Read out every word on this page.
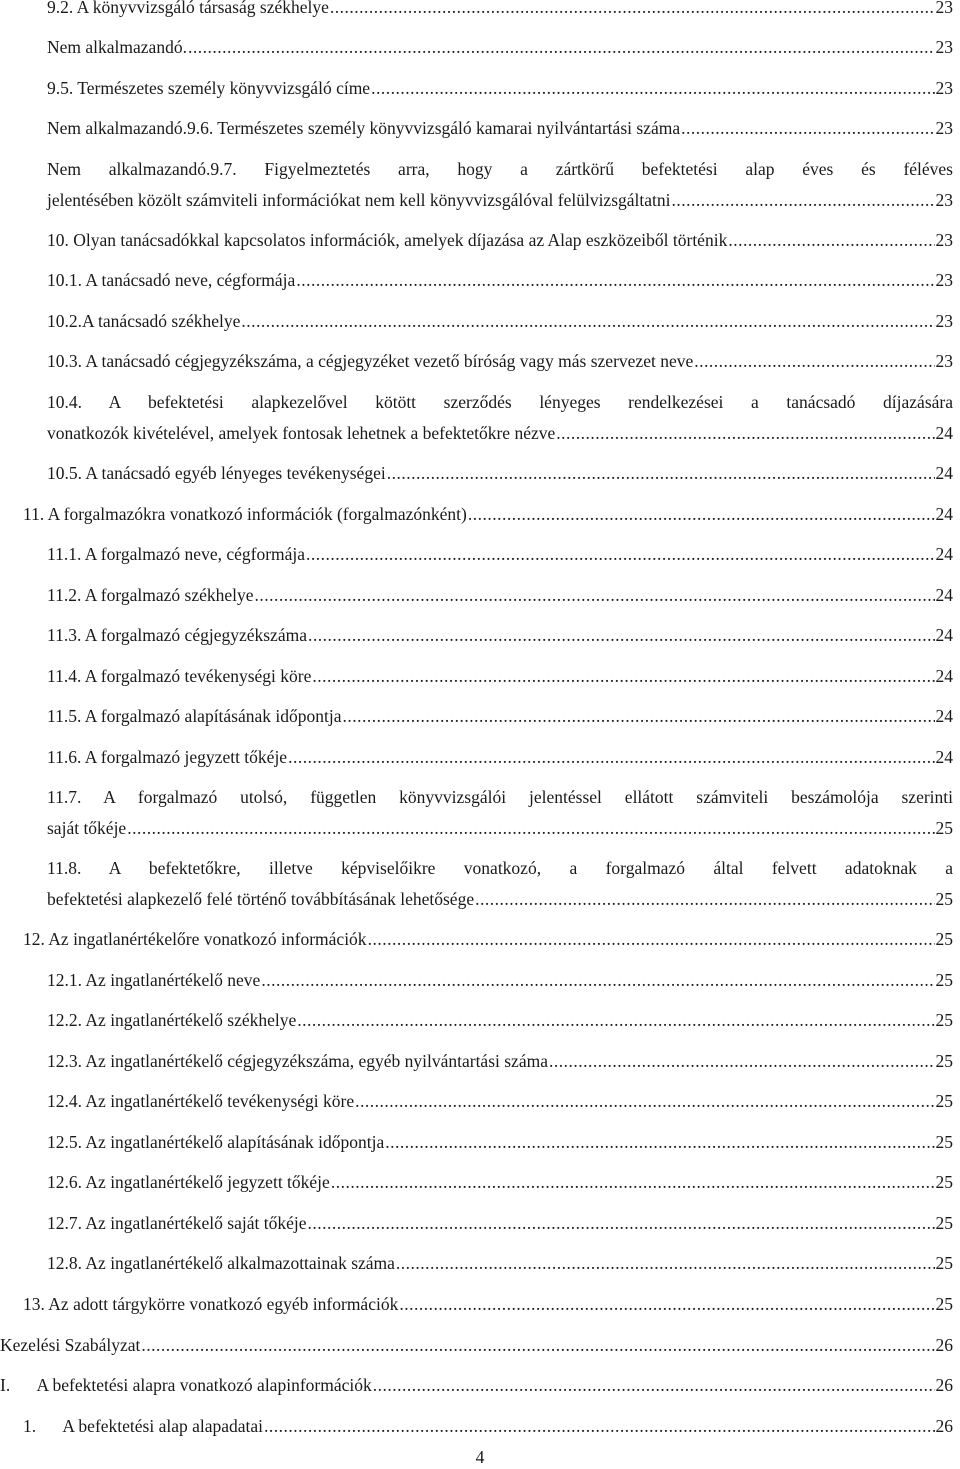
9.2. A könyvvizsgáló társaság székhelye .....	23
Nem alkalmazandó. .....	23
9.5. Természetes személy könyvvizsgáló címe .....	23
Nem alkalmazandó.9.6. Természetes személy könyvvizsgáló kamarai nyilvántartási száma .....	23
Nem alkalmazandó.9.7. Figyelmeztetés arra, hogy a zártkörű befektetési alap éves és féléves
jelentésében közölt számviteli információkat nem kell könyvvizsgálóval felülvizsgáltatni .....	23
10. Olyan tanácsadókkal kapcsolatos információk, amelyek díjazása az Alap eszközeiből történik .....	23
10.1. A tanácsadó neve, cégformája .....	23
10.2.A tanácsadó székhelye .....	23
10.3. A tanácsadó cégjegyzékszáma, a cégjegyzéket vezető bíróság vagy más szervezet neve .....	23
10.4. A befektetési alapkezelővel kötött szerződés lényeges rendelkezései a tanácsadó díjazására
vonatkozók kivételével, amelyek fontosak lehetnek a befektetőkre nézve .....	24
10.5. A tanácsadó egyéb lényeges tevékenységei .....	24
11. A forgalmazókra vonatkozó információk (forgalmazónként) .....	24
11.1. A forgalmazó neve, cégformája .....	24
11.2. A forgalmazó székhelye .....	24
11.3. A forgalmazó cégjegyzékszáma .....	24
11.4. A forgalmazó tevékenységi köre .....	24
11.5. A forgalmazó alapításának időpontja .....	24
11.6. A forgalmazó jegyzett tőkéje .....	24
11.7. A forgalmazó utolsó, független könyvvizsgálói jelentéssel ellátott számviteli beszámolója szerinti
saját tőkéje .....	25
11.8. A befektetőkre, illetve képviselőikre vonatkozó, a forgalmazó által felvett adatoknak a
befektetési alapkezelő felé történő továbbításának lehetősége .....	25
12. Az ingatlanértékelőre vonatkozó információk .....	25
12.1. Az ingatlanértékelő neve .....	25
12.2. Az ingatlanértékelő székhelye .....	25
12.3. Az ingatlanértékelő cégjegyzékszáma, egyéb nyilvántartási száma .....	25
12.4. Az ingatlanértékelő tevékenységi köre .....	25
12.5. Az ingatlanértékelő alapításának időpontja .....	25
12.6. Az ingatlanértékelő jegyzett tőkéje .....	25
12.7. Az ingatlanértékelő saját tőkéje .....	25
12.8. Az ingatlanértékelő alkalmazottainak száma .....	25
13. Az adott tárgykörre vonatkozó egyéb információk .....	25
Kezelési Szabályzat .....	26
I.  A befektetési alapra vonatkozó alapinformációk .....	26
1.  A befektetési alap alapadatai .....	26
4
